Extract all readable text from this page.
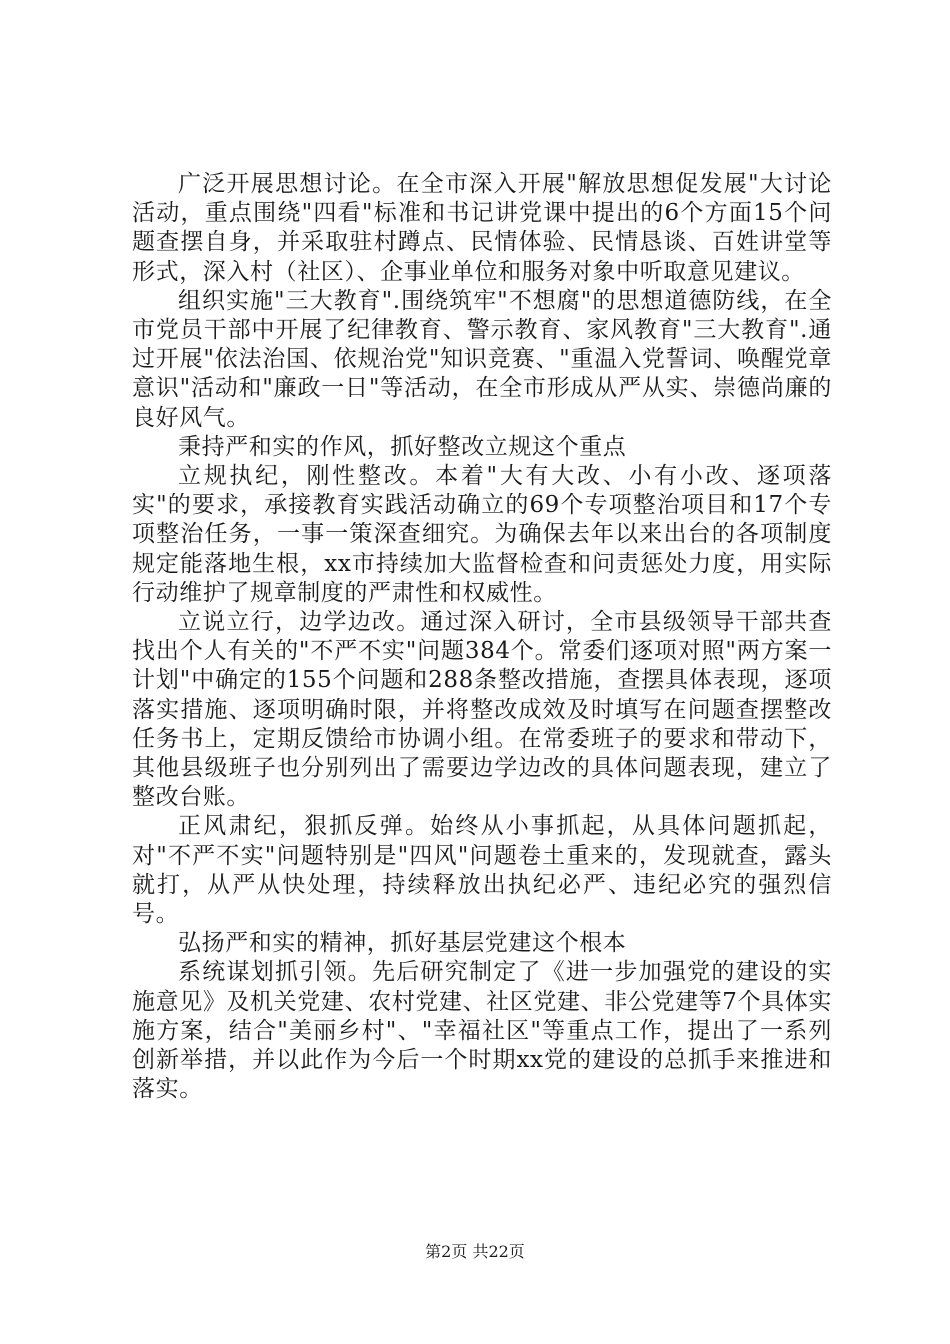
广泛开展思想讨论。在全市深入开展"解放思想促发展"大讨论活动，重点围绕"四看"标准和书记讲党课中提出的6个方面15个问题查摆自身，并采取驻村蹲点、民情体验、民情恳谈、百姓讲堂等形式，深入村（社区）、企事业单位和服务对象中听取意见建议。

组织实施"三大教育".围绕筑牢"不想腐"的思想道德防线，在全市党员干部中开展了纪律教育、警示教育、家风教育"三大教育".通过开展"依法治国、依规治党"知识竞赛、"重温入党誓词、唤醒党章意识"活动和"廉政一日"等活动，在全市形成从严从实、崇德尚廉的良好风气。

秉持严和实的作风，抓好整改立规这个重点

立规执纪，刚性整改。本着"大有大改、小有小改、逐项落实"的要求，承接教育实践活动确立的69个专项整治项目和17个专项整治任务，一事一策深查细究。为确保去年以来出台的各项制度规定能落地生根，xx市持续加大监督检查和问责惩处力度，用实际行动维护了规章制度的严肃性和权威性。

立说立行，边学边改。通过深入研讨，全市县级领导干部共查找出个人有关的"不严不实"问题384个。常委们逐项对照"两方案一计划"中确定的155个问题和288条整改措施，查摆具体表现，逐项落实措施、逐项明确时限，并将整改成效及时填写在问题查摆整改任务书上，定期反馈给市协调小组。在常委班子的要求和带动下，其他县级班子也分别列出了需要边学边改的具体问题表现，建立了整改台账。

正风肃纪，狠抓反弹。始终从小事抓起，从具体问题抓起，对"不严不实"问题特别是"四风"问题卷土重来的，发现就查，露头就打，从严从快处理，持续释放出执纪必严、违纪必究的强烈信号。

弘扬严和实的精神，抓好基层党建这个根本

系统谋划抓引领。先后研究制定了《进一步加强党的建设的实施意见》及机关党建、农村党建、社区党建、非公党建等7个具体实施方案，结合"美丽乡村"、"幸福社区"等重点工作，提出了一系列创新举措，并以此作为今后一个时期xx党的建设的总抓手来推进和落实。

第2页 共22页
